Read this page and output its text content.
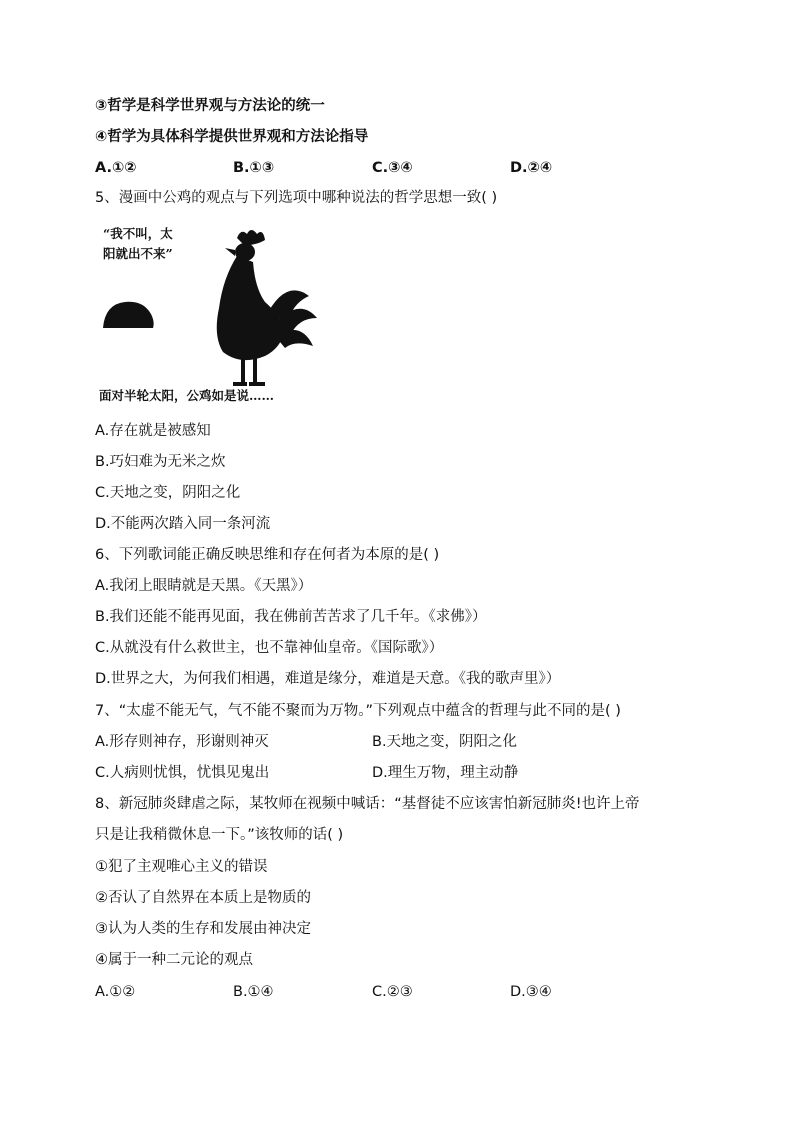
③哲学是科学世界观与方法论的统一
④哲学为具体科学提供世界观和方法论指导
A.①②	B.①③	C.③④	D.②④
5、漫画中公鸡的观点与下列选项中哪种说法的哲学思想一致( )
“我不叫，太
阳就出不来”
面对半轮太阳，公鸡如是说……
A.存在就是被感知
B.巧妇难为无米之炊
C.天地之变，阴阳之化
D.不能两次踏入同一条河流
6、下列歌词能正确反映思维和存在何者为本原的是( )
A.我闭上眼睛就是天黑。《天黑》）
B.我们还能不能再见面，我在佛前苦苦求了几千年。《求佛》）
C.从就没有什么救世主，也不靠神仙皇帝。《国际歌》）
D.世界之大，为何我们相遇，难道是缘分，难道是天意。《我的歌声里》）
7、“太虚不能无气，气不能不聚而为万物。”下列观点中蕴含的哲理与此不同的是( )
A.形存则神存，形谢则神灭	B.天地之变，阴阳之化
C.人病则忧惧，忧惧见鬼出	D.理生万物，理主动静
8、新冠肺炎肆虐之际，某牧师在视频中喊话：“基督徒不应该害怕新冠肺炎!也许上帝
只是让我稍微休息一下。”该牧师的话( )
①犯了主观唯心主义的错误
②否认了自然界在本质上是物质的
③认为人类的生存和发展由神决定
④属于一种二元论的观点
A.①②	B.①④	C.②③	D.③④
